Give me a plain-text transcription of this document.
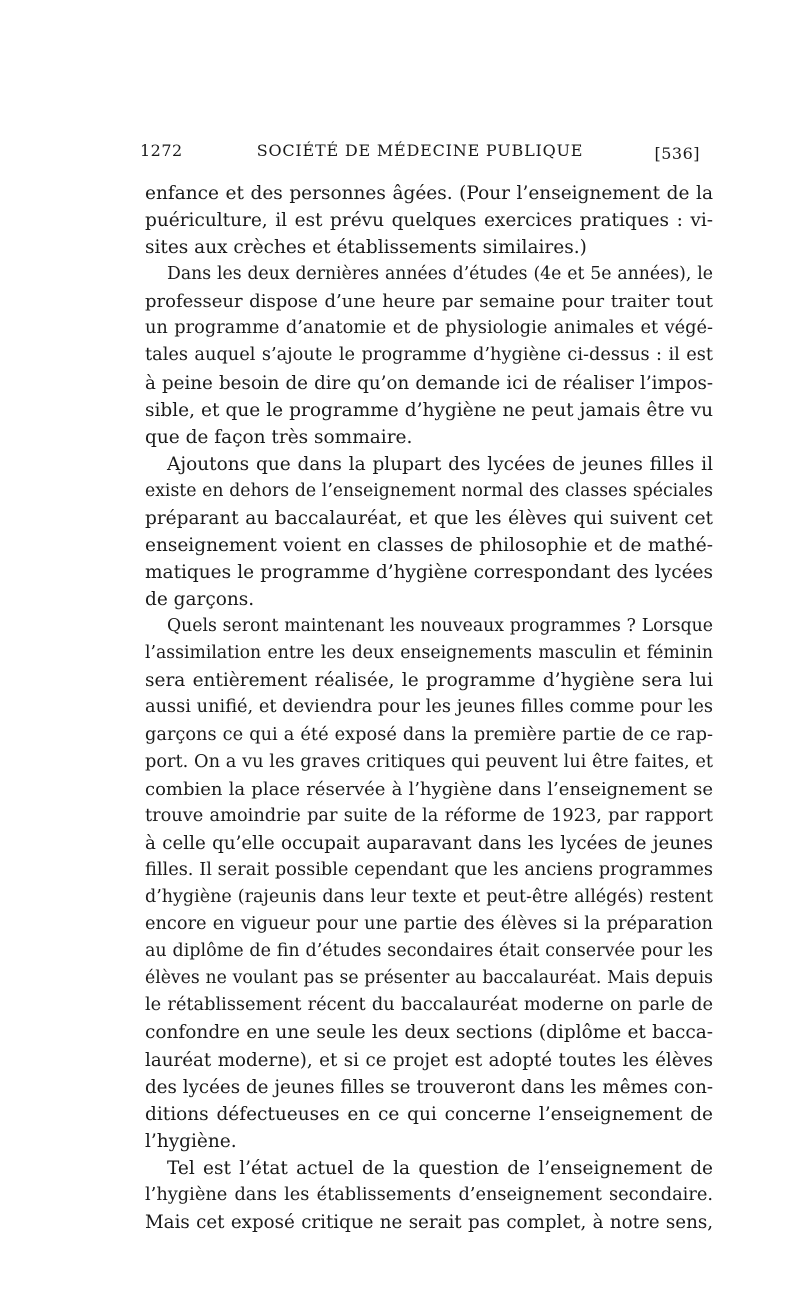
1272	SOCIÉTÉ DE MÉDECINE PUBLIQUE	[536]
enfance et des personnes âgées. (Pour l’enseignement de la
puériculture, il est prévu quelques exercices pratiques : vi-
sites aux crèches et établissements similaires.)
Dans les deux dernières années d’études (4e et 5e années), le
professeur dispose d’une heure par semaine pour traiter tout
un programme d’anatomie et de physiologie animales et végé-
tales auquel s’ajoute le programme d’hygiène ci-dessus : il est
à peine besoin de dire qu’on demande ici de réaliser l’impos-
sible, et que le programme d’hygiène ne peut jamais être vu
que de façon très sommaire.
Ajoutons que dans la plupart des lycées de jeunes filles il
existe en dehors de l’enseignement normal des classes spéciales
préparant au baccalauréat, et que les élèves qui suivent cet
enseignement voient en classes de philosophie et de mathé-
matiques le programme d’hygiène correspondant des lycées
de garçons.
Quels seront maintenant les nouveaux programmes ? Lorsque
l’assimilation entre les deux enseignements masculin et féminin
sera entièrement réalisée, le programme d’hygiène sera lui
aussi unifié, et deviendra pour les jeunes filles comme pour les
garçons ce qui a été exposé dans la première partie de ce rap-
port. On a vu les graves critiques qui peuvent lui être faites, et
combien la place réservée à l’hygiène dans l’enseignement se
trouve amoindrie par suite de la réforme de 1923, par rapport
à celle qu’elle occupait auparavant dans les lycées de jeunes
filles. Il serait possible cependant que les anciens programmes
d’hygiène (rajeunis dans leur texte et peut-être allégés) restent
encore en vigueur pour une partie des élèves si la préparation
au diplôme de fin d’études secondaires était conservée pour les
élèves ne voulant pas se présenter au baccalauréat. Mais depuis
le rétablissement récent du baccalauréat moderne on parle de
confondre en une seule les deux sections (diplôme et bacca-
lauréat moderne), et si ce projet est adopté toutes les élèves
des lycées de jeunes filles se trouveront dans les mêmes con-
ditions défectueuses en ce qui concerne l’enseignement de
l’hygiène.
Tel est l’état actuel de la question de l’enseignement de
l’hygiène dans les établissements d’enseignement secondaire.
Mais cet exposé critique ne serait pas complet, à notre sens,
